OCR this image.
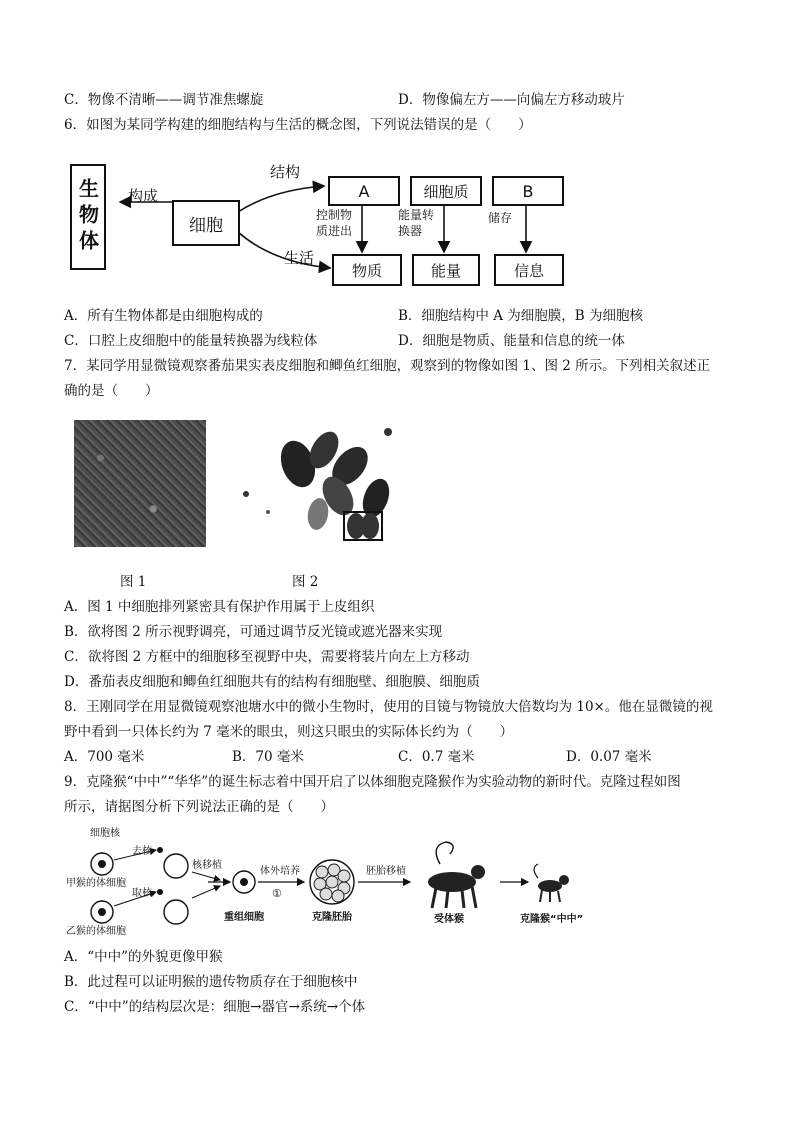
C．物像不清晰——调节准焦螺旋	D．物像偏左方——向偏左方移动玻片
6．如图为某同学构建的细胞结构与生活的概念图，下列说法错误的是（　　）
生物体	构成
细胞
结构
生活
A	细胞质	B
控制物质进出
能量转换器
储存
物质	能量	信息
A．所有生物体都是由细胞构成的	B．细胞结构中 A 为细胞膜，B 为细胞核
C．口腔上皮细胞中的能量转换器为线粒体	D．细胞是物质、能量和信息的统一体
7．某同学用显微镜观察番茄果实表皮细胞和鲫鱼红细胞，观察到的物像如图 1、图 2 所示。下列相关叙述正
确的是（　　）
图 1	图 2
A．图 1 中细胞排列紧密具有保护作用属于上皮组织
B．欲将图 2 所示视野调亮，可通过调节反光镜或遮光器来实现
C．欲将图 2 方框中的细胞移至视野中央，需要将装片向左上方移动
D．番茄表皮细胞和鲫鱼红细胞共有的结构有细胞壁、细胞膜、细胞质
8．王刚同学在用显微镜观察池塘水中的微小生物时，使用的目镜与物镜放大倍数均为 10×。他在显微镜的视
野中看到一只体长约为 7 毫米的眼虫，则这只眼虫的实际体长约为（　　）
A．700 毫米	B．70 毫米	C．0.7 毫米	D．0.07 毫米
9．克隆猴“中中”“华华”的诞生标志着中国开启了以体细胞克隆猴作为实验动物的新时代。克隆过程如图
所示，请据图分析下列说法正确的是（　　）
细胞核
去核
取核
甲猴的体细胞
乙猴的体细胞
核移植
体外培养
①
重组细胞	克隆胚胎
胚胎移植
受体猴	克隆猴“中中”
A．“中中”的外貌更像甲猴
B．此过程可以证明猴的遗传物质存在于细胞核中
C．“中中”的结构层次是：细胞→器官→系统→个体
